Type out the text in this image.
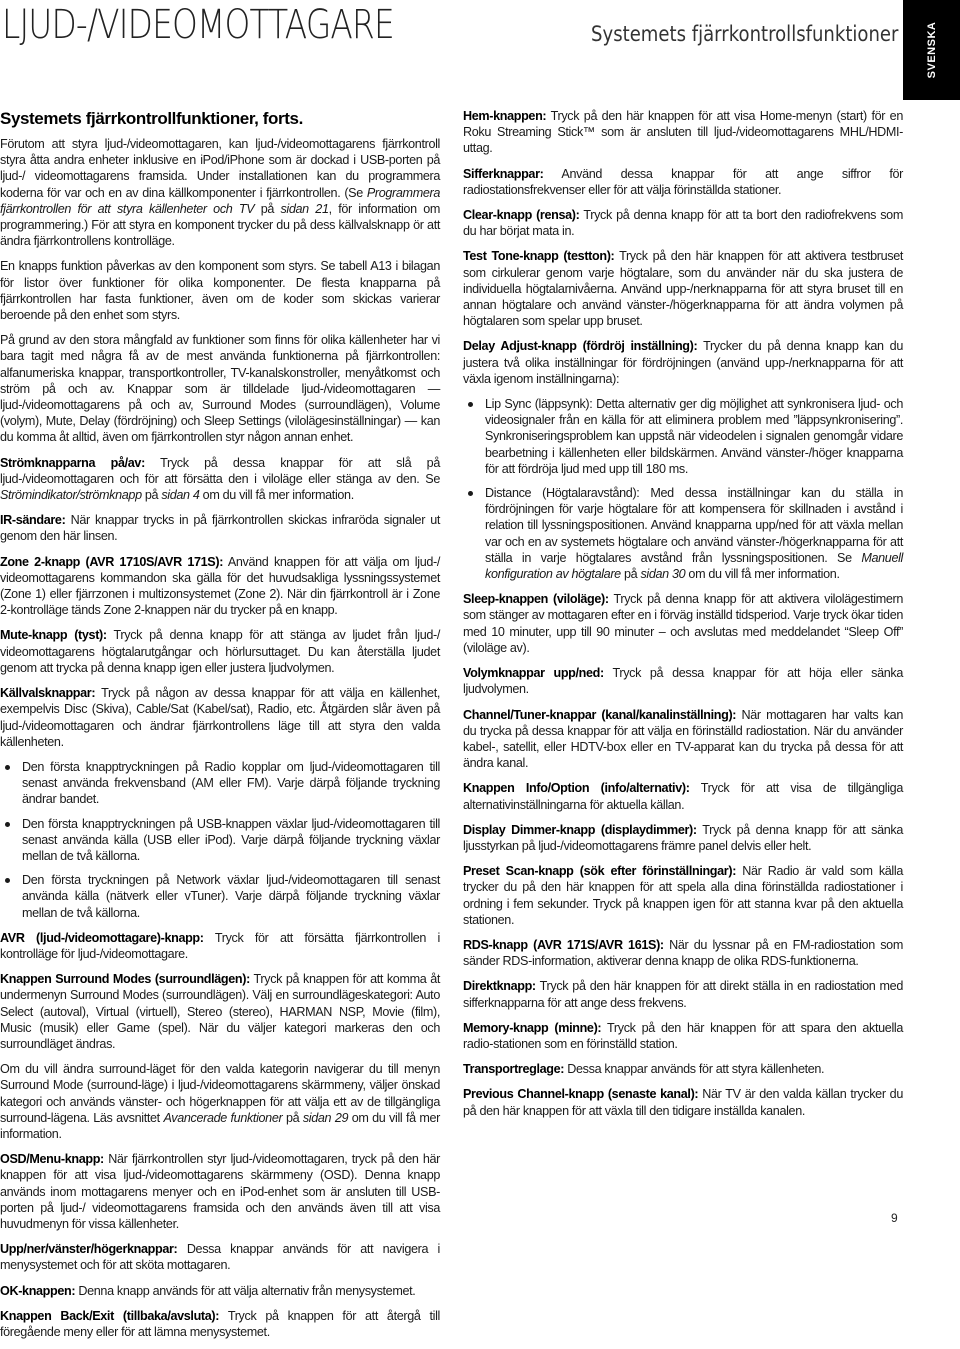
LJUD-/VIDEOMOTTAGARE	Systemets fjärrkontrollsfunktioner	SVENSKA
Systemets fjärrkontrollfunktioner, forts.

Förutom att styra ljud-/videomottagaren, kan ljud-/videomottagarens fjärrkontroll styra åtta andra enheter inklusive en iPod/iPhone som är dockad i USB-porten på ljud-/ videomottagarens framsida. Under installationen kan du programmera koderna för var och en av dina källkomponenter i fjärrkontrollen. (Se Programmera fjärrkontrollen för att styra källenheter och TV på sidan 21, för information om programmering.) För att styra en komponent trycker du på dess källvalsknapp ör att ändra fjärrkontrollens kontrolläge.

En knapps funktion påverkas av den komponent som styrs. Se tabell A13 i bilagan för listor över funktioner för olika komponenter. De flesta knapparna på fjärrkontrollen har fasta funktioner, även om de koder som skickas varierar beroende på den enhet som styrs.

På grund av den stora mångfald av funktioner som finns för olika källenheter har vi bara tagit med några få av de mest använda funktionerna på fjärrkontrollen: alfanumeriska knappar, transportkontroller, TV-kanalskonstroller, menyåtkomst och ström på och av. Knappar som är tilldelade ljud-/videomottagaren — ljud-/videomottagarens på och av, Surround Modes (surroundlägen), Volume (volym), Mute, Delay (fördröjning) och Sleep Settings (vilolägesinställningar) — kan du komma åt alltid, även om fjärrkontrollen styr någon annan enhet.

Strömknapparna på/av: Tryck på dessa knappar för att slå på ljud-/videomottagaren och för att försätta den i viloläge eller stänga av den. Se Strömindikator/strömknapp på sidan 4 om du vill få mer information.

IR-sändare: När knappar trycks in på fjärrkontrollen skickas infraröda signaler ut genom den här linsen.

Zone 2-knapp (AVR 1710S/AVR 171S): Använd knappen för att välja om ljud-/ videomottagarens kommandon ska gälla för det huvudsakliga lyssningssystemet (Zone 1) eller fjärrzonen i multizonsystemet (Zone 2). När din fjärrkontroll är i Zone 2-kontrolläge tänds Zone 2-knappen när du trycker på en knapp.

Mute-knapp (tyst): Tryck på denna knapp för att stänga av ljudet från ljud-/ videomottagarens högtalarutgångar och hörlursuttaget. Du kan återställa ljudet genom att trycka på denna knapp igen eller justera ljudvolymen.

Källvalsknappar: Tryck på någon av dessa knappar för att välja en källenhet, exempelvis Disc (Skiva), Cable/Sat (Kabel/sat), Radio, etc. Åtgärden slår även på ljud-/videomottagaren och ändrar fjärrkontrollens läge till att styra den valda källenheten.

Den första knapptryckningen på Radio kopplar om ljud-/videomottagaren till senast använda frekvensband (AM eller FM). Varje därpå följande tryckning ändrar bandet.
Den första knapptryckningen på USB-knappen växlar ljud-/videomottagaren till senast använda källa (USB eller iPod). Varje därpå följande tryckning växlar mellan de två källorna.
Den första tryckningen på Network växlar ljud-/videomottagaren till senast använda källa (nätverk eller vTuner). Varje därpå följande tryckning växlar mellan de två källorna.

AVR (ljud-/videomottagare)-knapp: Tryck för att försätta fjärrkontrollen i kontrolläge för ljud-/videomottagare.

Knappen Surround Modes (surroundlägen): Tryck på knappen för att komma åt undermenyn Surround Modes (surroundlägen). Välj en surroundlägeskategori: Auto Select (autoval), Virtual (virtuell), Stereo (stereo), HARMAN NSP, Movie (film), Music (musik) eller Game (spel). När du väljer kategori markeras den och surroundläget ändras.

Om du vill ändra surround-läget för den valda kategorin navigerar du till menyn Surround Mode (surround-läge) i ljud-/videomottagarens skärmmeny, väljer önskad kategori och används vänster- och högerknappen för att välja ett av de tillgängliga surround-lägena. Läs avsnittet Avancerade funktioner på sidan 29 om du vill få mer information.

OSD/Menu-knapp: När fjärrkontrollen styr ljud-/videomottagaren, tryck på den här knappen för att visa ljud-/videomottagarens skärmmeny (OSD). Denna knapp används inom mottagarens menyer och en iPod-enhet som är ansluten till USB-porten på ljud-/ videomottagarens framsida och den används även till att visa huvudmenyn för vissa källenheter.

Upp/ner/vänster/högerknappar: Dessa knappar används för att navigera i menysystemet och för att sköta mottagaren.

OK-knappen: Denna knapp används för att välja alternativ från menysystemet.

Knappen Back/Exit (tillbaka/avsluta): Tryck på knappen för att återgå till föregående meny eller för att lämna menysystemet.

Hem-knappen: Tryck på den här knappen för att visa Home-menyn (start) för en Roku Streaming Stick™ som är ansluten till ljud-/videomottagarens MHL/HDMI-uttag.

Sifferknappar: Använd dessa knappar för att ange siffror för radiostationsfrekvenser eller för att välja förinställda stationer.

Clear-knapp (rensa): Tryck på denna knapp för att ta bort den radiofrekvens som du har börjat mata in.

Test Tone-knapp (testton): Tryck på den här knappen för att aktivera testbruset som cirkulerar genom varje högtalare, som du använder när du ska justera de individuella högtalarnivåerna. Använd upp-/nerknapparna för att styra bruset till en annan högtalare och använd vänster-/högerknapparna för att ändra volymen på högtalaren som spelar upp bruset.

Delay Adjust-knapp (fördröj inställning): Trycker du på denna knapp kan du justera två olika inställningar för fördröjningen (använd upp-/nerknapparna för att växla igenom inställningarna):

Lip Sync (läppsynk): Detta alternativ ger dig möjlighet att synkronisera ljud- och videosignaler från en källa för att eliminera problem med ”läppsynkronisering”. Synkroniseringsproblem kan uppstå när videodelen i signalen genomgår vidare bearbetning i källenheten eller bildskärmen. Använd vänster-/höger knapparna för att fördröja ljud med upp till 180 ms.
Distance (Högtalaravstånd): Med dessa inställningar kan du ställa in fördröjningen för varje högtalare för att kompensera för skillnaden i avstånd i relation till lyssningspositionen. Använd knapparna upp/ned för att växla mellan var och en av systemets högtalare och använd vänster-/högerknapparna för att ställa in varje högtalares avstånd från lyssningspositionen. Se Manuell konfiguration av högtalare på sidan 30 om du vill få mer information.

Sleep-knappen (viloläge): Tryck på denna knapp för att aktivera vilolägestimern som stänger av mottagaren efter en i förväg inställd tidsperiod. Varje tryck ökar tiden med 10 minuter, upp till 90 minuter – och avslutas med meddelandet “Sleep Off” (viloläge av).

Volymknappar upp/ned: Tryck på dessa knappar för att höja eller sänka ljudvolymen.

Channel/Tuner-knappar (kanal/kanalinställning): När mottagaren har valts kan du trycka på dessa knappar för att välja en förinställd radiostation. När du använder kabel-, satellit, eller HDTV-box eller en TV-apparat kan du trycka på dessa för att ändra kanal.

Knappen Info/Option (info/alternativ): Tryck för att visa de tillgängliga alternativinställningarna för aktuella källan.

Display Dimmer-knapp (displaydimmer): Tryck på denna knapp för att sänka ljusstyrkan på ljud-/videomottagarens främre panel delvis eller helt.

Preset Scan-knapp (sök efter förinställningar): När Radio är vald som källa trycker du på den här knappen för att spela alla dina förinställda radiostationer i ordning i fem sekunder. Tryck på knappen igen för att stanna kvar på den aktuella stationen.

RDS-knapp (AVR 171S/AVR 161S): När du lyssnar på en FM-radiostation som sänder RDS-information, aktiverar denna knapp de olika RDS-funktionerna.

Direktknapp: Tryck på den här knappen för att direkt ställa in en radiostation med sifferknapparna för att ange dess frekvens.

Memory-knapp (minne): Tryck på den här knappen för att spara den aktuella radio-stationen som en förinställd station.

Transportreglage: Dessa knappar används för att styra källenheten.

Previous Channel-knapp (senaste kanal): När TV är den valda källan trycker du på den här knappen för att växla till den tidigare inställda kanalen.

9
